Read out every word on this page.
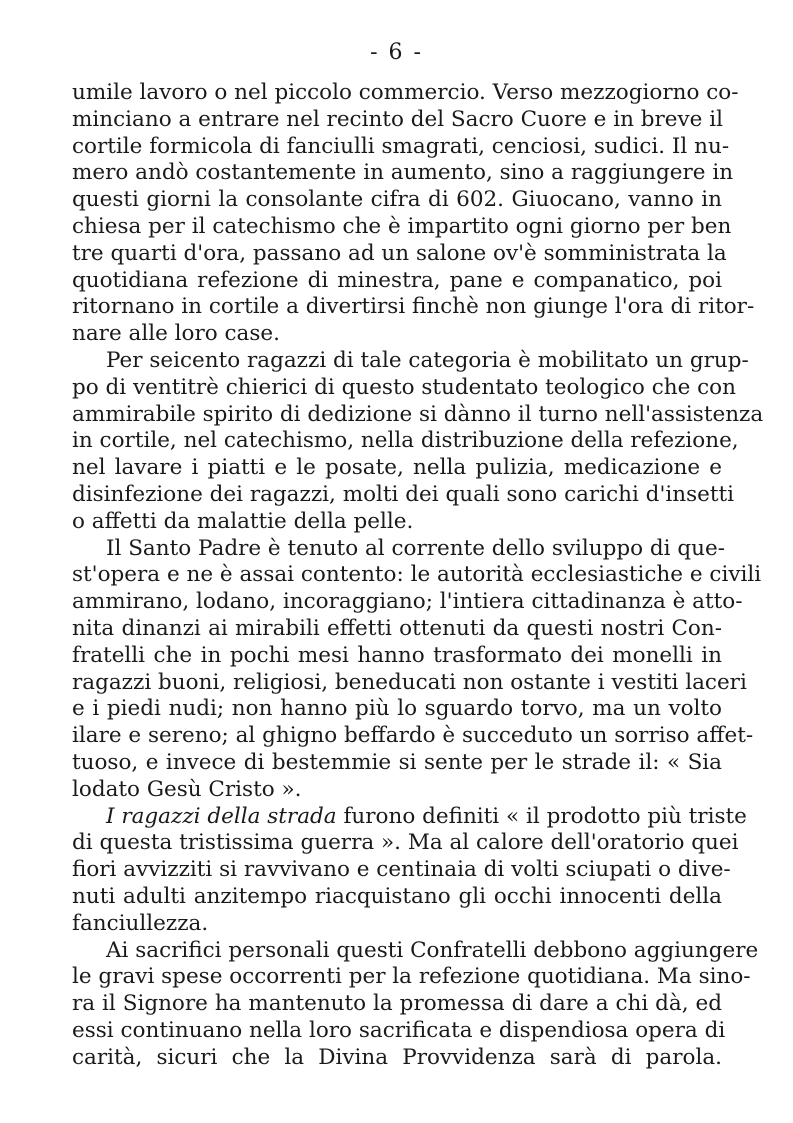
- 6 -
umile lavoro o nel piccolo commercio. Verso mezzogiorno co-
minciano a entrare nel recinto del Sacro Cuore e in breve il
cortile formicola di fanciulli smagrati, cenciosi, sudici. Il nu-
mero andò costantemente in aumento, sino a raggiungere in
questi giorni la consolante cifra di 602. Giuocano, vanno in
chiesa per il catechismo che è impartito ogni giorno per ben
tre quarti d'ora, passano ad un salone ov'è somministrata la
quotidiana refezione di minestra, pane e companatico, poi
ritornano in cortile a divertirsi finchè non giunge l'ora di ritor-
nare alle loro case.
Per seicento ragazzi di tale categoria è mobilitato un grup-
po di ventitrè chierici di questo studentato teologico che con
ammirabile spirito di dedizione si dànno il turno nell'assistenza
in cortile, nel catechismo, nella distribuzione della refezione,
nel lavare i piatti e le posate, nella pulizia, medicazione e
disinfezione dei ragazzi, molti dei quali sono carichi d'insetti
o affetti da malattie della pelle.
Il Santo Padre è tenuto al corrente dello sviluppo di que-
st'opera e ne è assai contento: le autorità ecclesiastiche e civili
ammirano, lodano, incoraggiano; l'intiera cittadinanza è atto-
nita dinanzi ai mirabili effetti ottenuti da questi nostri Con-
fratelli che in pochi mesi hanno trasformato dei monelli in
ragazzi buoni, religiosi, beneducati non ostante i vestiti laceri
e i piedi nudi; non hanno più lo sguardo torvo, ma un volto
ilare e sereno; al ghigno beffardo è succeduto un sorriso affet-
tuoso, e invece di bestemmie si sente per le strade il: « Sia
lodato Gesù Cristo ».
I ragazzi della strada furono definiti « il prodotto più triste
di questa tristissima guerra ». Ma al calore dell'oratorio quei
fiori avvizziti si ravvivano e centinaia di volti sciupati o dive-
nuti adulti anzitempo riacquistano gli occhi innocenti della
fanciullezza.
Ai sacrifici personali questi Confratelli debbono aggiungere
le gravi spese occorrenti per la refezione quotidiana. Ma sino-
ra il Signore ha mantenuto la promessa di dare a chi dà, ed
essi continuano nella loro sacrificata e dispendiosa opera di
carità, sicuri che la Divina Provvidenza sarà di parola.
